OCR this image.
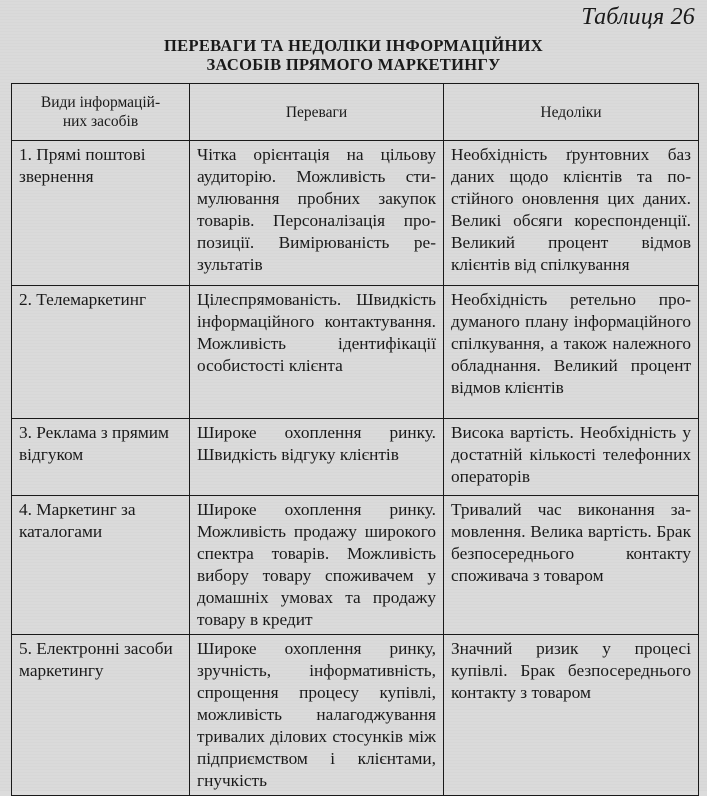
Таблиця 26
ПЕРЕВАГИ ТА НЕДОЛІКИ ІНФОРМАЦІЙНИХ
ЗАСОБІВ ПРЯМОГО МАРКЕТИНГУ
Види інформацій-
них засобів	Переваги	Недоліки
1. Прямі поштові звернення	Чітка орієнтація на цільову аудиторію. Можливість стимулювання пробних закупок товарів. Персоналізація пропозиції. Вимірюваність результатів	Необхідність ґрунтовних баз даних щодо клієнтів та постійного оновлення цих даних. Великі обсяги кореспонденції. Великий процент відмов клієнтів від спілкування
2. Телемаркетинг	Цілеспрямованість. Швидкість інформаційного контактування. Можливість ідентифікації особистості клієнта	Необхідність ретельно продуманого плану інформаційного спілкування, а також належного обладнання. Великий процент відмов клієнтів
3. Реклама з прямим відгуком	Широке охоплення ринку. Швидкість відгуку клієнтів	Висока вартість. Необхідність у достатній кількості телефонних операторів
4. Маркетинг за каталогами	Широке охоплення ринку. Можливість продажу широкого спектра товарів. Можливість вибору товару споживачем у домашніх умовах та продажу товару в кредит	Тривалий час виконання замовлення. Велика вартість. Брак безпосереднього контакту споживача з товаром
5. Електронні засоби маркетингу	Широке охоплення ринку, зручність, інформативність, спрощення процесу купівлі, можливість налагоджування тривалих ділових стосунків між підприємством і клієнтами, гнучкість	Значний ризик у процесі купівлі. Брак безпосереднього контакту з товаром
